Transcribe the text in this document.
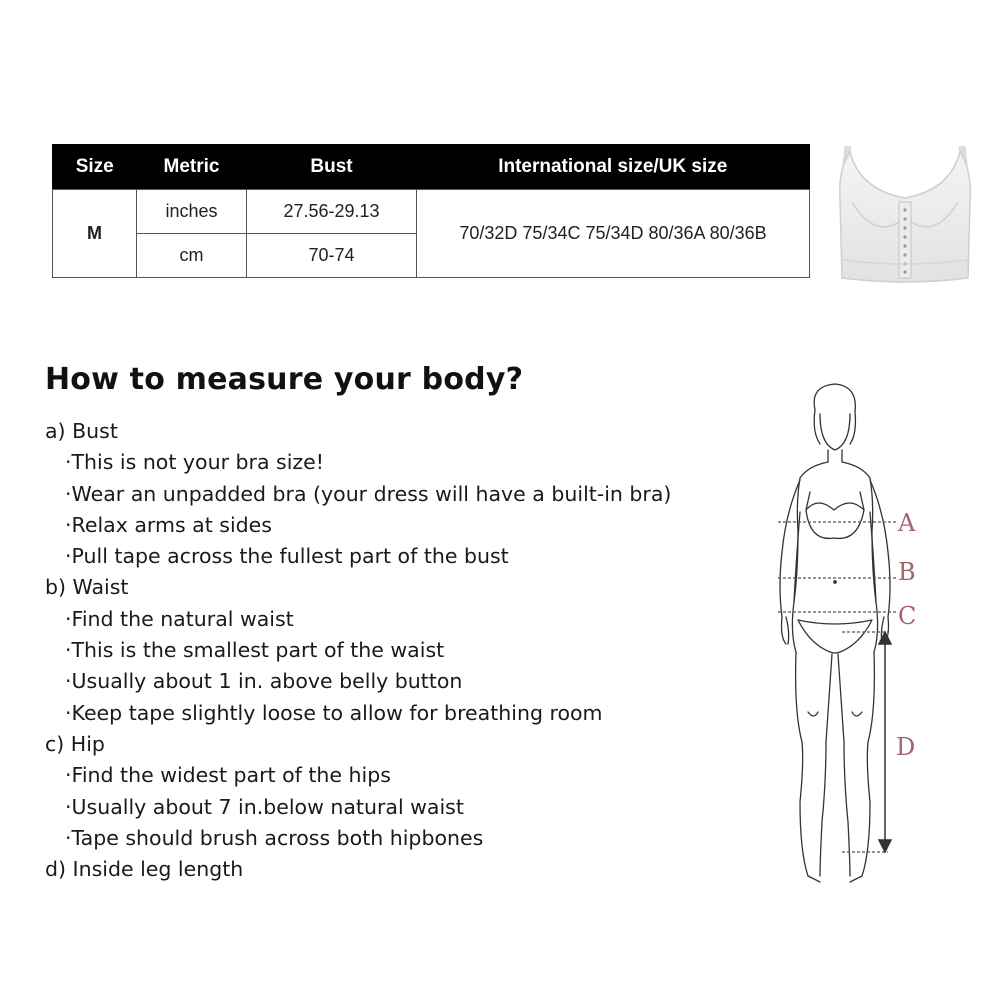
Size	Metric	Bust	International size/UK size
M	inches	27.56-29.13	70/32D 75/34C 75/34D 80/36A 80/36B
	cm	70-74	
How to measure your body?
a) Bust
·This is not your bra size!
·Wear an unpadded bra (your dress will have a built-in bra)
·Relax arms at sides
·Pull tape across the fullest part of the bust
b) Waist
·Find the natural waist
·This is the smallest part of the waist
·Usually about 1 in. above belly button
·Keep tape slightly loose to allow for breathing room
c) Hip
·Find the widest part of the hips
·Usually about 7 in.below natural waist
·Tape should brush across both hipbones
d) Inside leg length
A
B
C
D
